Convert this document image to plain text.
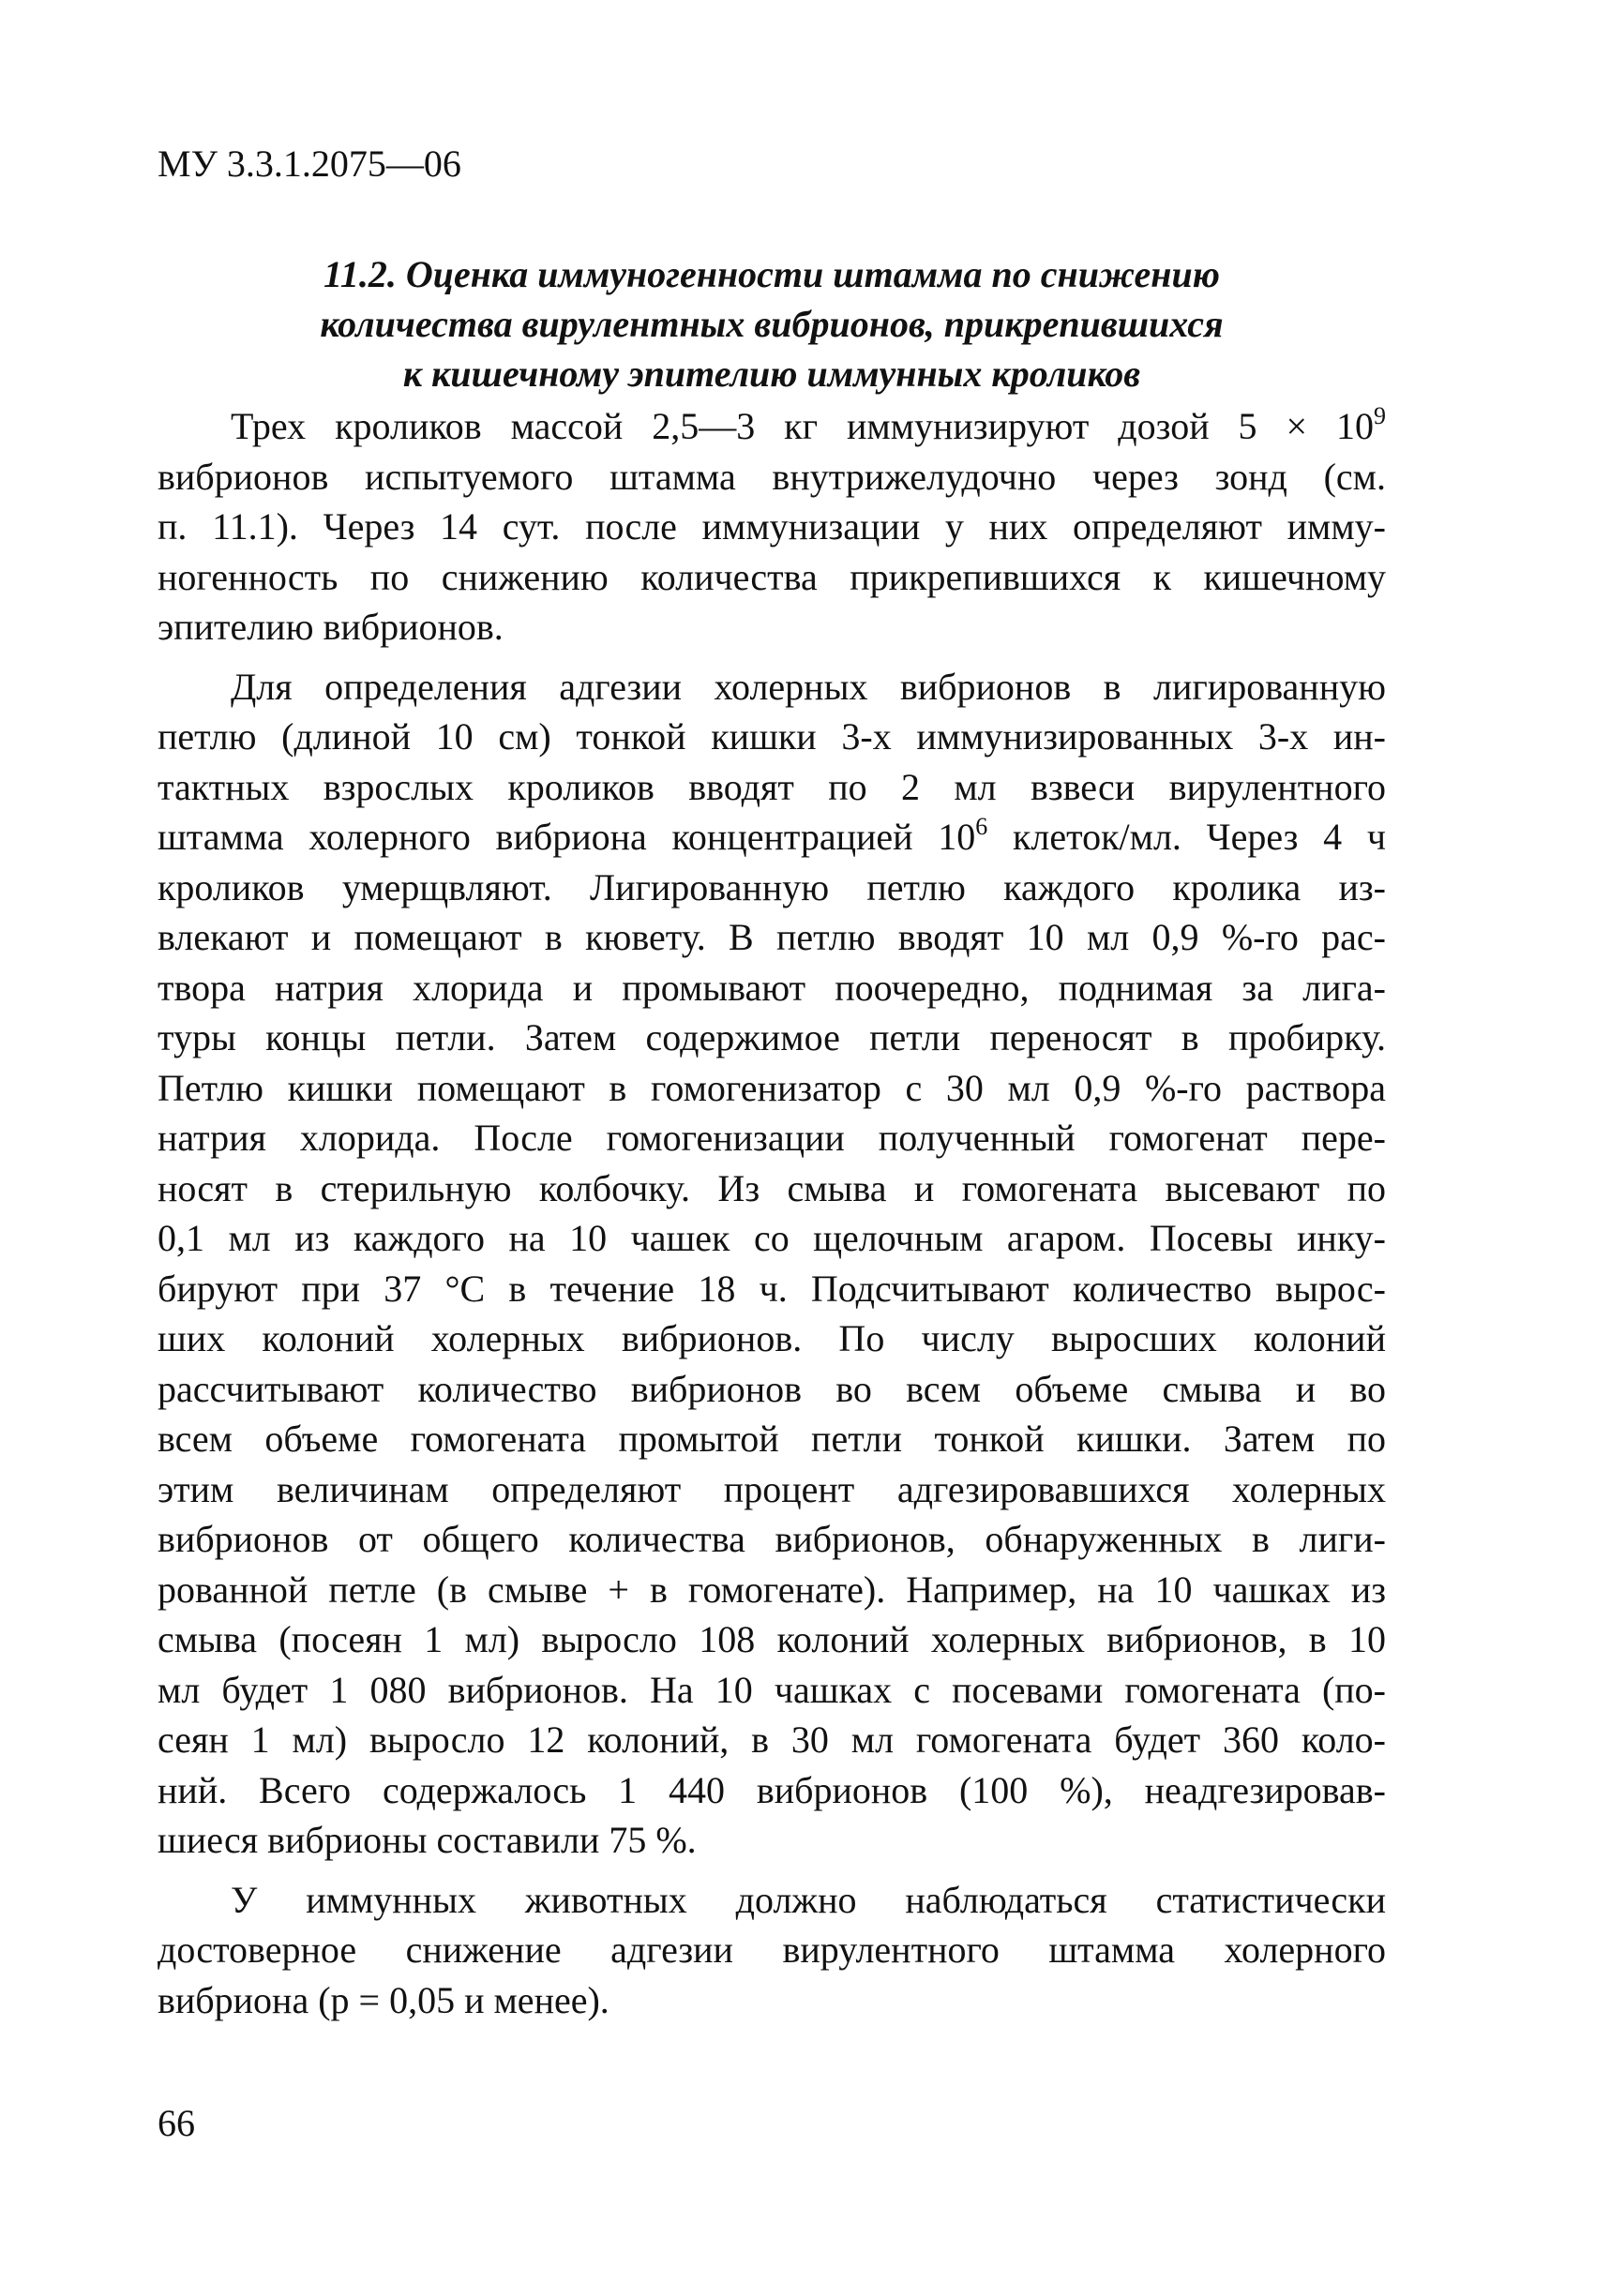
МУ 3.3.1.2075—06
11.2. Оценка иммуногенности штамма по снижению
количества вирулентных вибрионов, прикрепившихся
к кишечному эпителию иммунных кроликов
Трех кроликов массой 2,5—3 кг иммунизируют дозой $5 \times 10^9$
вибрионов испытуемого штамма внутрижелудочно через зонд (см.
п. 11.1). Через 14 сут. после иммунизации у них определяют имму-
ногенность по снижению количества прикрепившихся к кишечному
эпителию вибрионов.
Для определения адгезии холерных вибрионов в лигированную
петлю (длиной 10 см) тонкой кишки 3-х иммунизированных 3-х ин-
тактных взрослых кроликов вводят по 2 мл взвеси вирулентного
штамма холерного вибриона концентрацией $10^6$ клеток/мл. Через 4 ч
кроликов умерщвляют. Лигированную петлю каждого кролика из-
влекают и помещают в кювету. В петлю вводят 10 мл 0,9 %-го рас-
твора натрия хлорида и промывают поочередно, поднимая за лига-
туры концы петли. Затем содержимое петли переносят в пробирку.
Петлю кишки помещают в гомогенизатор с 30 мл 0,9 %-го раствора
натрия хлорида. После гомогенизации полученный гомогенат пере-
носят в стерильную колбочку. Из смыва и гомогената высевают по
0,1 мл из каждого на 10 чашек со щелочным агаром. Посевы инку-
бируют при 37 °С в течение 18 ч. Подсчитывают количество вырос-
ших колоний холерных вибрионов. По числу выросших колоний
рассчитывают количество вибрионов во всем объеме смыва и во
всем объеме гомогената промытой петли тонкой кишки. Затем по
этим величинам определяют процент адгезировавшихся холерных
вибрионов от общего количества вибрионов, обнаруженных в лиги-
рованной петле (в смыве + в гомогенате). Например, на 10 чашках из
смыва (посеян 1 мл) выросло 108 колоний холерных вибрионов, в 10
мл будет 1 080 вибрионов. На 10 чашках с посевами гомогената (по-
сеян 1 мл) выросло 12 колоний, в 30 мл гомогената будет 360 коло-
ний. Всего содержалось 1 440 вибрионов (100 %), неадгезировав-
шиеся вибрионы составили 75 %.
У иммунных животных должно наблюдаться статистически
достоверное снижение адгезии вирулентного штамма холерного
вибриона (р = 0,05 и менее).
66
